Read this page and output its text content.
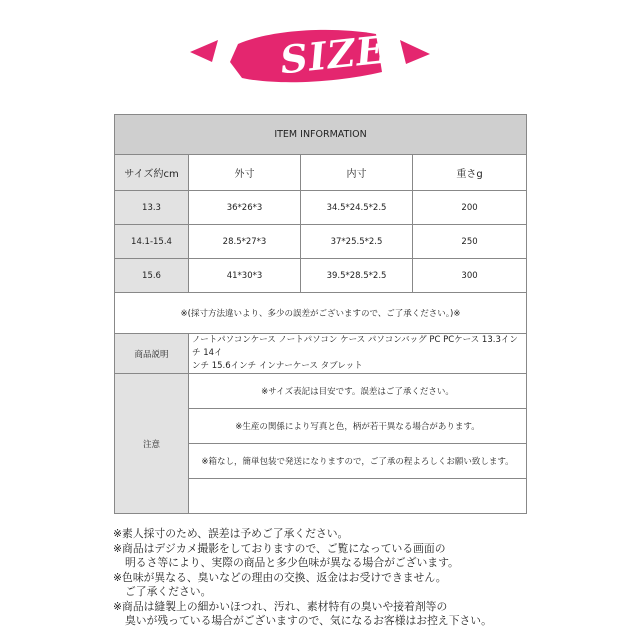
SIZE
ITEM INFORMATION			
サイズ約cm	外寸	内寸	重さg
13.3	36*26*3	34.5*24.5*2.5	200
14.1-15.4	28.5*27*3	37*25.5*2.5	250
15.6	41*30*3	39.5*28.5*2.5	300
※(採寸方法違いより、多少の誤差がございますので、ご了承ください。)※			
商品説明	ノートパソコンケース ノートパソコン ケース パソコンバッグ PC PCケース 13.3インチ 14イ
ンチ 15.6インチ インナーケース タブレット		

注意	※サイズ表記は目安です。誤差はご了承ください。		
	※生産の関係により写真と色，柄が若干異なる場合があります。		
	※箱なし，簡単包装で発送になりますので，ご了承の程よろしくお願い致します。		

※素人採寸のため、誤差は予めご了承ください。
※商品はデジカメ撮影をしておりますので、ご覧になっている画面の
明るさ等により、実際の商品と多少色味が異なる場合がございます。
※色味が異なる、臭いなどの理由の交換、返金はお受けできません。
ご了承ください。
※商品は縫製上の細かいほつれ、汚れ、素材特有の臭いや接着剤等の
臭いが残っている場合がございますので、気になるお客様はお控え下さい。
